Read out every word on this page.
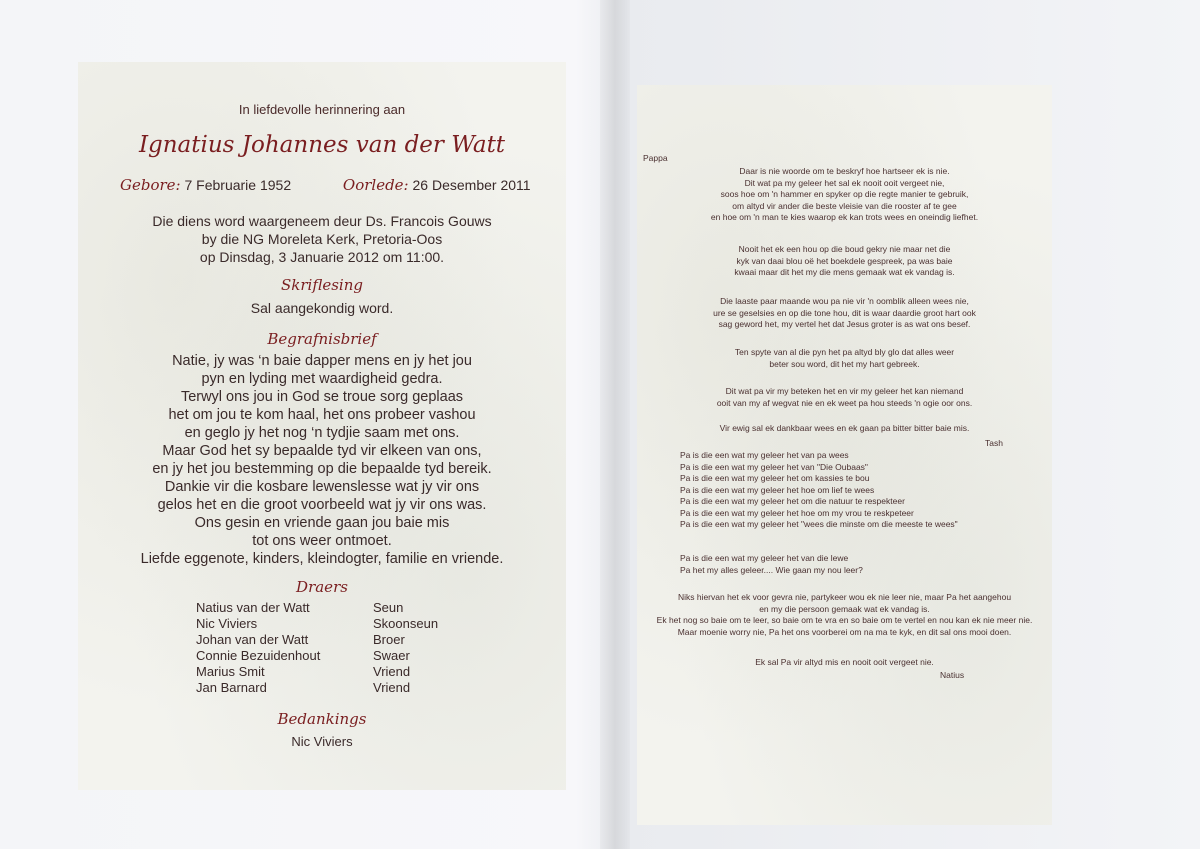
In liefdevolle herinnering aan
Ignatius Johannes van der Watt
Gebore: 7 Februarie 1952	Oorlede: 26 Desember 2011
Die diens word waargeneem deur Ds. Francois Gouws
by die NG Moreleta Kerk, Pretoria-Oos
op Dinsdag, 3 Januarie 2012 om 11:00.
Skriflesing
Sal aangekondig word.
Begrafnisbrief
Natie, jy was ‘n baie dapper mens en jy het jou
pyn en lyding met waardigheid gedra.
Terwyl ons jou in God se troue sorg geplaas
het om jou te kom haal, het ons probeer vashou
en geglo jy het nog ‘n tydjie saam met ons.
Maar God het sy bepaalde tyd vir elkeen van ons,
en jy het jou bestemming op die bepaalde tyd bereik.
Dankie vir die kosbare lewenslesse wat jy vir ons
gelos het en die groot voorbeeld wat jy vir ons was.
Ons gesin en vriende gaan jou baie mis
tot ons weer ontmoet.
Liefde eggenote, kinders, kleindogter, familie en vriende.
Draers
Natius van der Watt	Seun
Nic Viviers	Skoonseun
Johan van der Watt	Broer
Connie Bezuidenhout	Swaer
Marius Smit	Vriend
Jan Barnard	Vriend
Bedankings
Nic Viviers
Pappa
Daar is nie woorde om te beskryf hoe hartseer ek is nie.
Dit wat pa my geleer het sal ek nooit ooit vergeet nie,
soos hoe om 'n hammer en spyker op die regte manier te gebruik,
om altyd vir ander die beste vleisie van die rooster af te gee
en hoe om 'n man te kies waarop ek kan trots wees en oneindig liefhet.
Nooit het ek een hou op die boud gekry nie maar net die
kyk van daai blou oë het boekdele gespreek, pa was baie
kwaai maar dit het my die mens gemaak wat ek vandag is.
Die laaste paar maande wou pa nie vir 'n oomblik alleen wees nie,
ure se geselsies en op die tone hou, dit is waar daardie groot hart ook
sag geword het, my vertel het dat Jesus groter is as wat ons besef.
Ten spyte van al die pyn het pa altyd bly glo dat alles weer
beter sou word, dit het my hart gebreek.
Dit wat pa vir my beteken het en vir my geleer het kan niemand
ooit van my af wegvat nie en ek weet pa hou steeds 'n ogie oor ons.
Vir ewig sal ek dankbaar wees en ek gaan pa bitter bitter baie mis.
Tash
Pa is die een wat my geleer het van pa wees
Pa is die een wat my geleer het van "Die Oubaas"
Pa is die een wat my geleer het om kassies te bou
Pa is die een wat my geleer het hoe om lief te wees
Pa is die een wat my geleer het om die natuur te respekteer
Pa is die een wat my geleer het hoe om my vrou te reskpeteer
Pa is die een wat my geleer het "wees die minste om die meeste te wees"
Pa is die een wat my geleer het van die lewe
Pa het my alles geleer.... Wie gaan my nou leer?
Niks hiervan het ek voor gevra nie, partykeer wou ek nie leer nie, maar Pa het aangehou
en my die persoon gemaak wat ek vandag is.
Ek het nog so baie om te leer, so baie om te vra en so baie om te vertel en nou kan ek nie meer nie.
Maar moenie worry nie, Pa het ons voorberei om na ma te kyk, en dit sal ons mooi doen.
Ek sal Pa vir altyd mis en nooit ooit vergeet nie.
Natius
